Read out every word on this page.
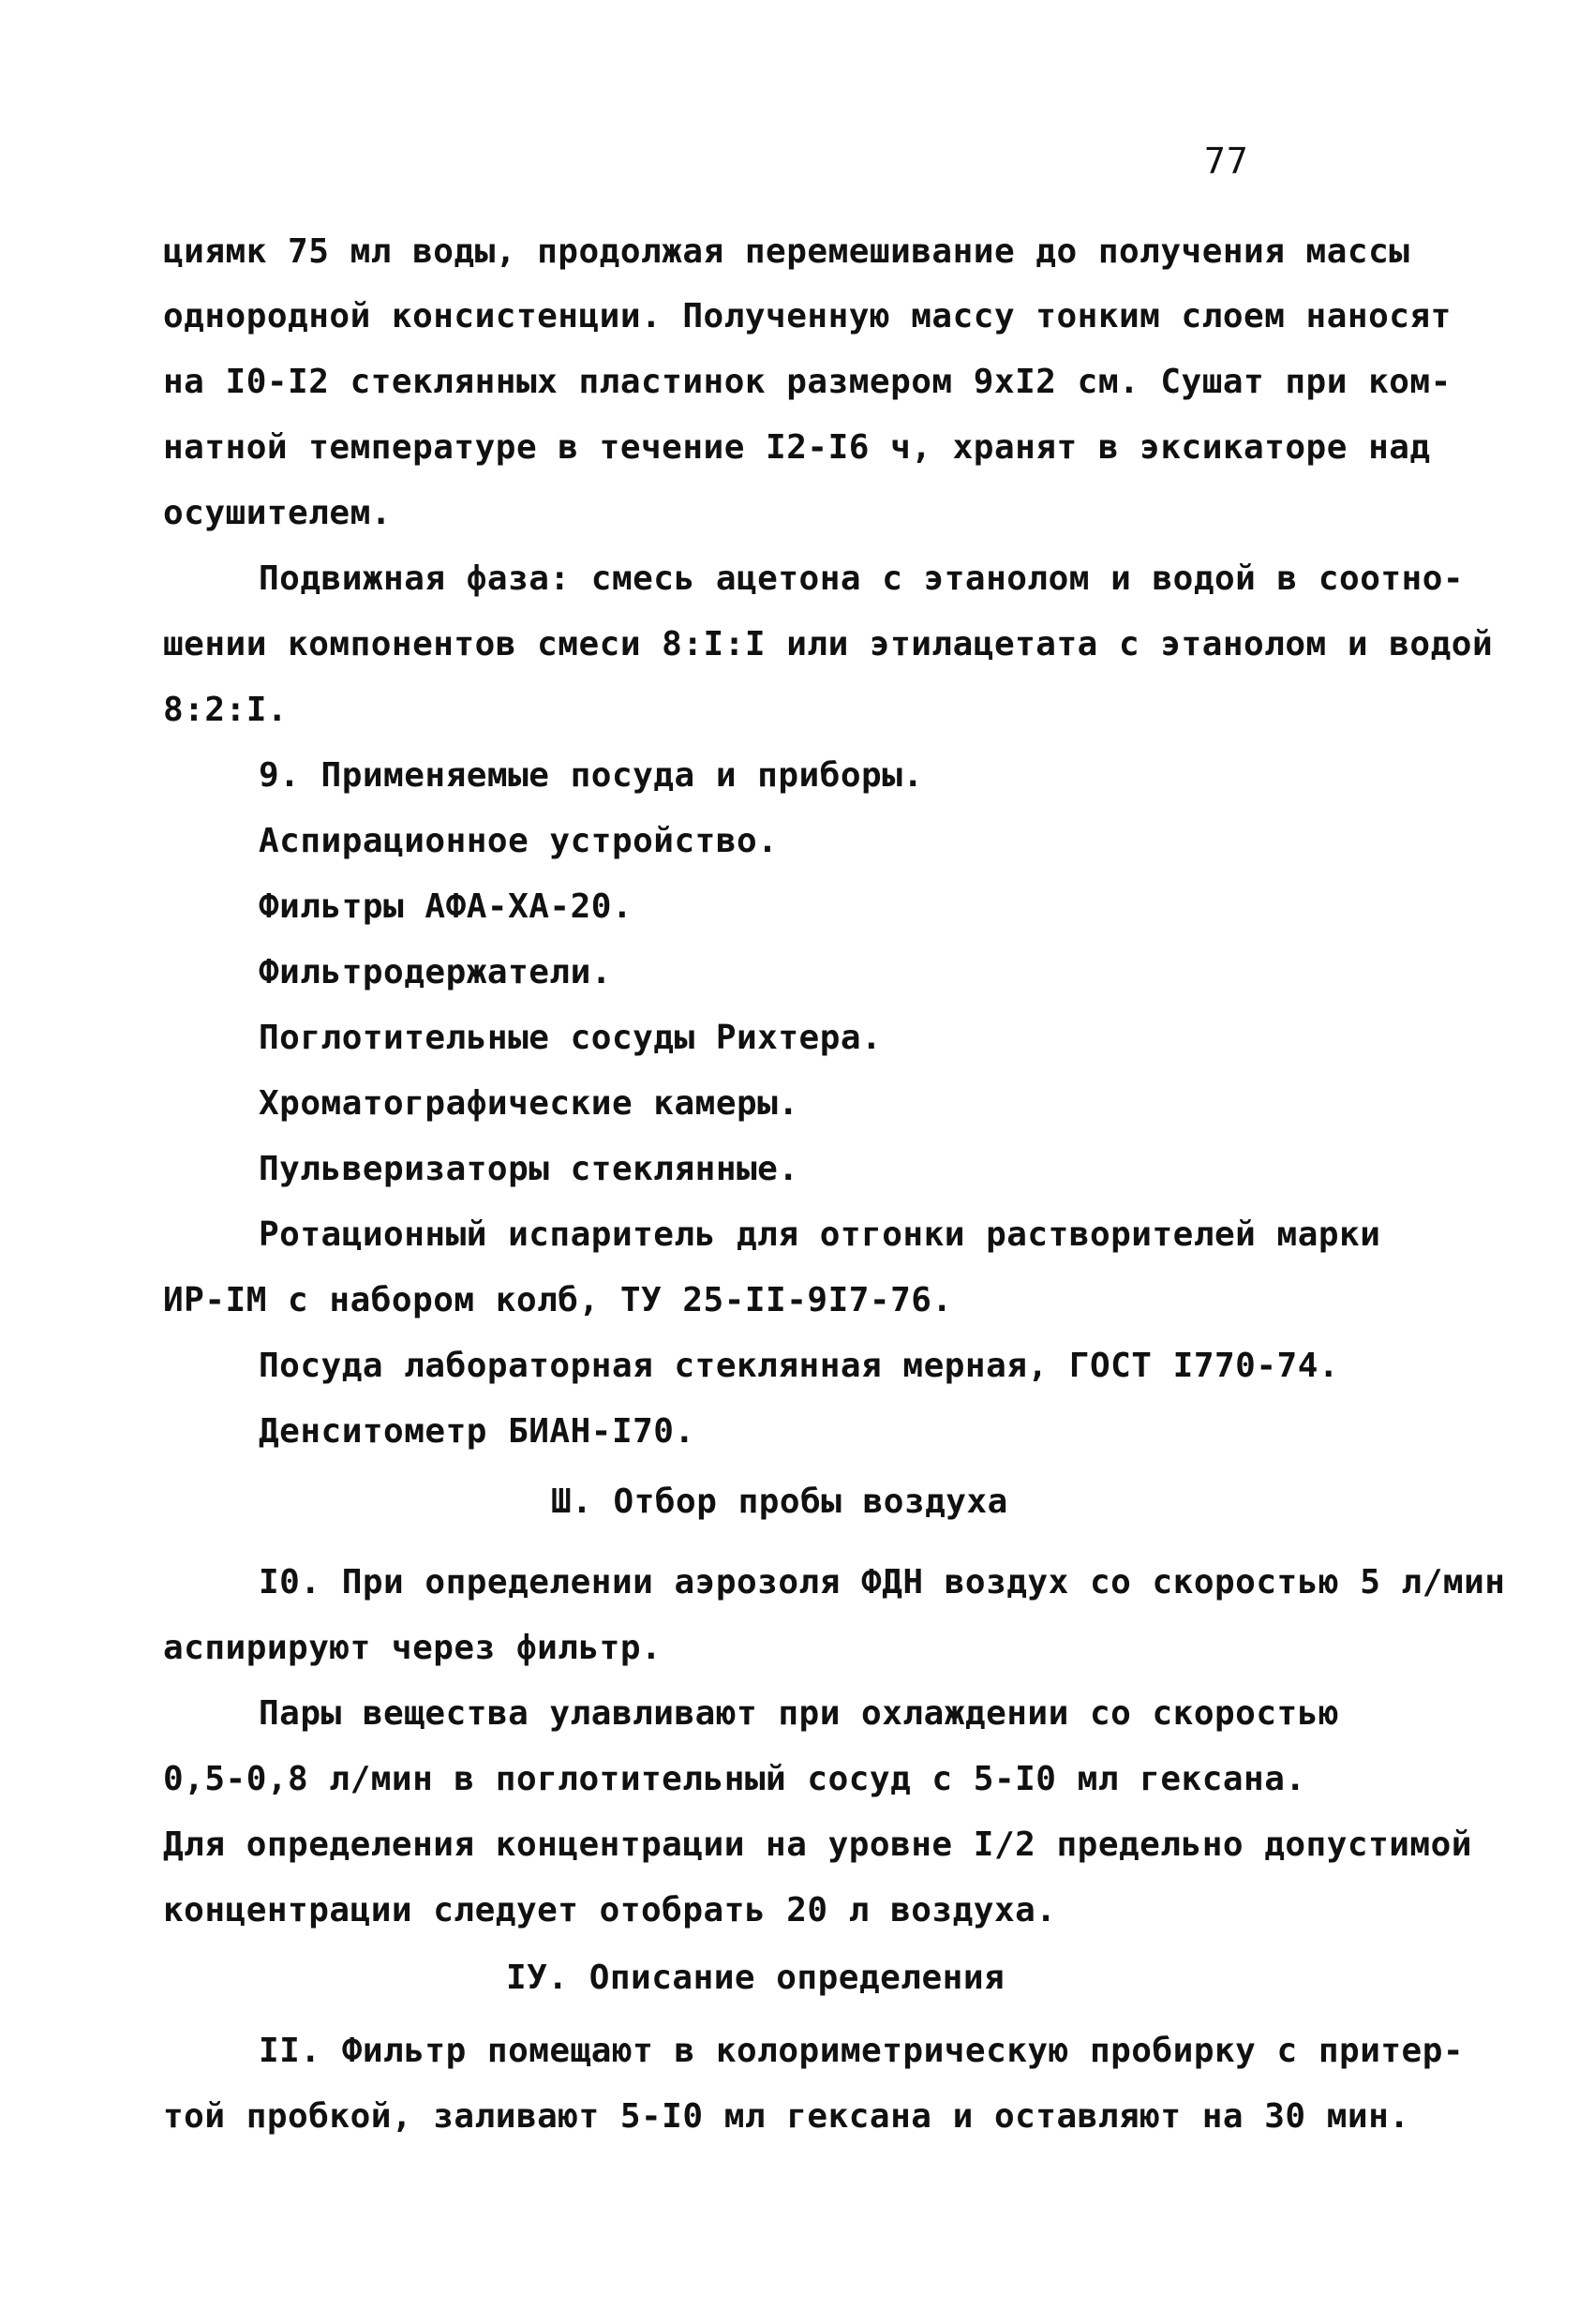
77
циямк 75 мл воды, продолжая перемешивание до получения массы
однородной консистенции. Полученную массу тонким слоем наносят
на I0-I2 стеклянных пластинок размером 9xI2 см. Сушат при ком-
натной температуре в течение I2-I6 ч, хранят в эксикаторе над
осушителем.
Подвижная фаза: смесь ацетона с этанолом и водой в соотно-
шении компонентов смеси 8:I:I или этилацетата с этанолом и водой
8:2:I.
9. Применяемые посуда и приборы.
Аспирационное устройство.
Фильтры АФА-ХА-20.
Фильтродержатели.
Поглотительные сосуды Рихтера.
Хроматографические камеры.
Пульверизаторы стеклянные.
Ротационный испаритель для отгонки растворителей марки
ИР-IМ с набором колб, ТУ 25-II-9I7-76.
Посуда лабораторная стеклянная мерная, ГОСТ I770-74.
Денситометр БИАН-I70.
Ш. Отбор пробы воздуха
I0. При определении аэрозоля ФДН воздух со скоростью 5 л/мин
аспирируют через фильтр.
Пары вещества улавливают при охлаждении со скоростью
0,5-0,8 л/мин в поглотительный сосуд с 5-I0 мл гексана.
Для определения концентрации на уровне I/2 предельно допустимой
концентрации следует отобрать 20 л воздуха.
IУ. Описание определения
II. Фильтр помещают в колориметрическую пробирку с притер-
той пробкой, заливают 5-I0 мл гексана и оставляют на 30 мин.
